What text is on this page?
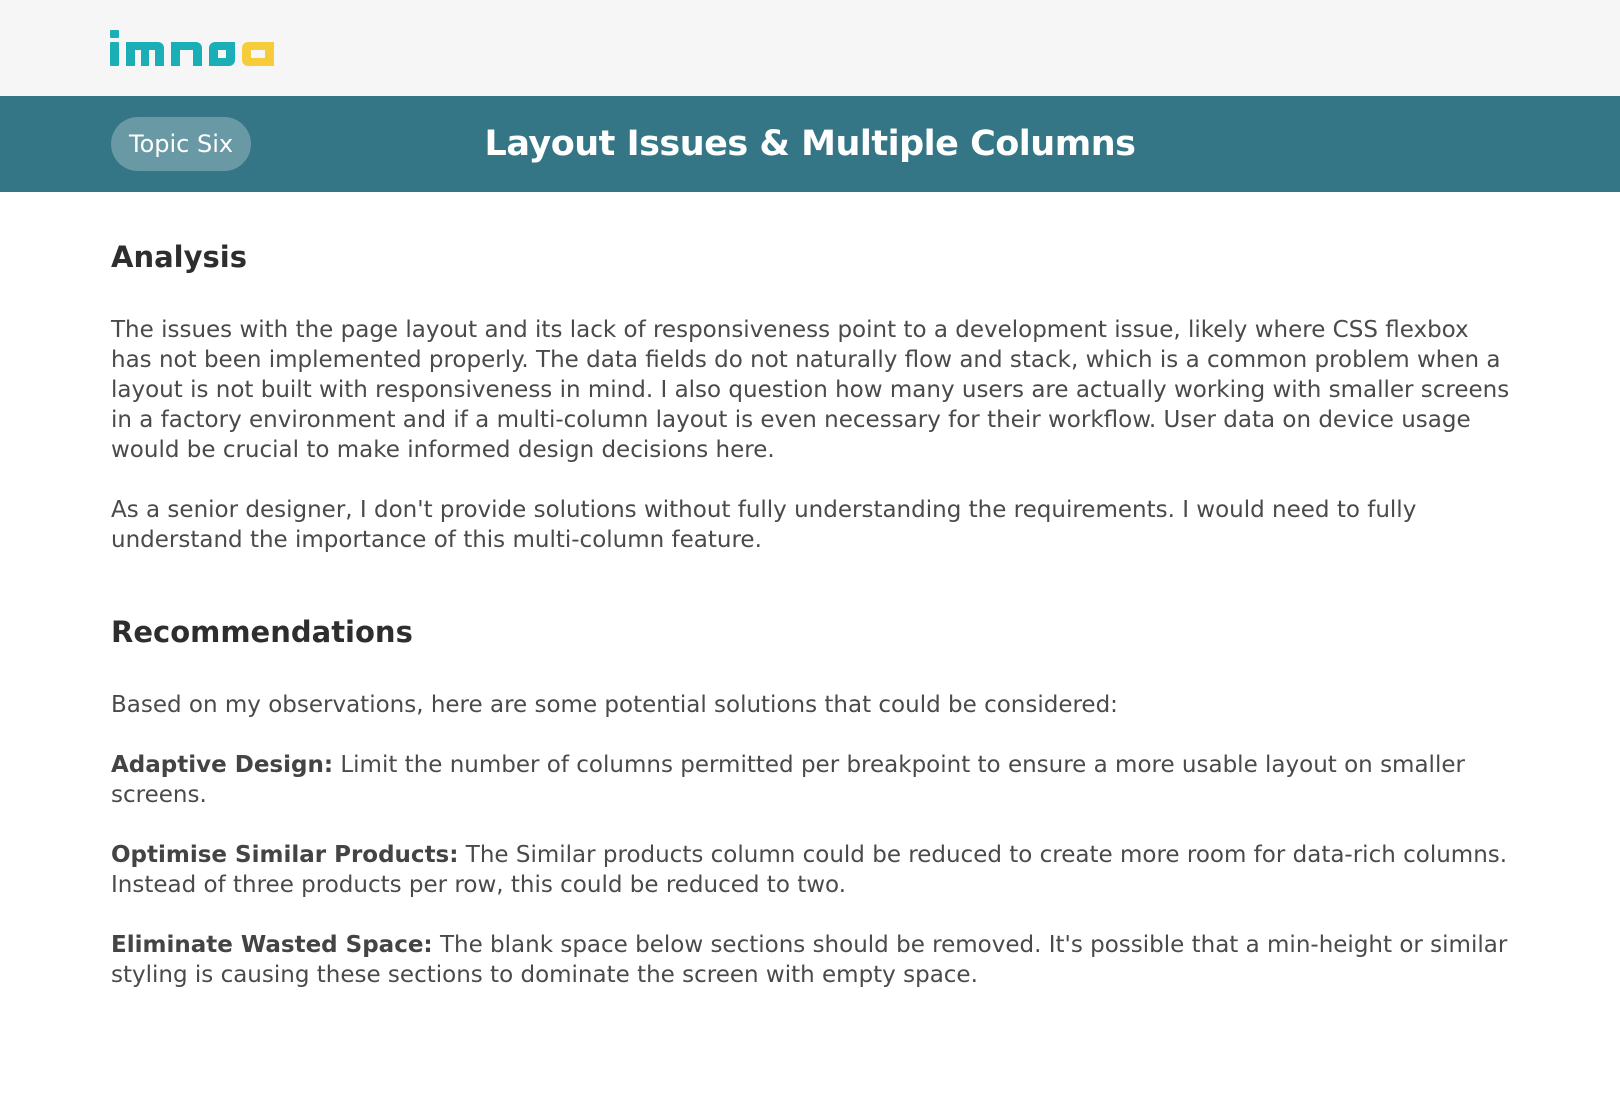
Layout Issues & Multiple Columns
Topic Six
Analysis

The issues with the page layout and its lack of responsiveness point to a development issue, likely where CSS flexbox has not been implemented properly. The data fields do not naturally flow and stack, which is a common problem when a layout is not built with responsiveness in mind. I also question how many users are actually working with smaller screens in a factory environment and if a multi-column layout is even necessary for their workflow. User data on device usage would be crucial to make informed design decisions here.

As a senior designer, I don't provide solutions without fully understanding the requirements. I would need to fully understand the importance of this multi-column feature.

Recommendations

Based on my observations, here are some potential solutions that could be considered:

Adaptive Design: Limit the number of columns permitted per breakpoint to ensure a more usable layout on smaller screens.

Optimise Similar Products: The Similar products column could be reduced to create more room for data-rich columns. Instead of three products per row, this could be reduced to two.

Eliminate Wasted Space: The blank space below sections should be removed. It's possible that a min-height or similar styling is causing these sections to dominate the screen with empty space.
